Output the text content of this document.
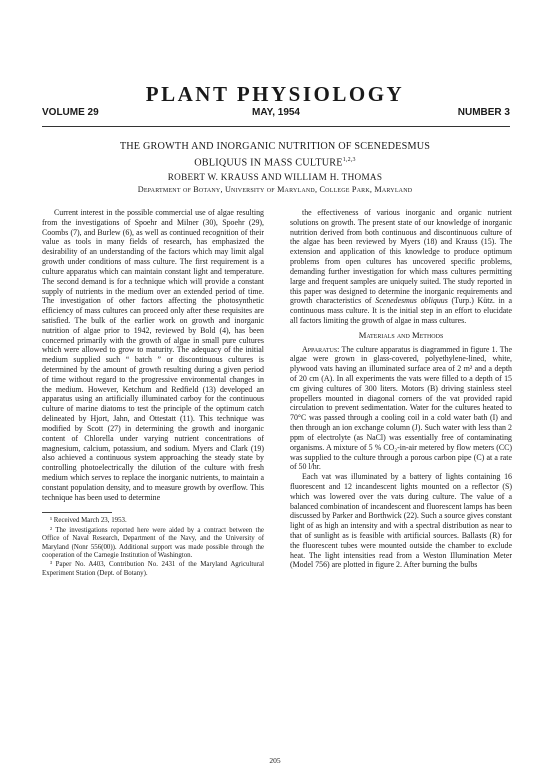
PLANT PHYSIOLOGY
VOLUME 29	MAY, 1954	NUMBER 3
THE GROWTH AND INORGANIC NUTRITION OF SCENEDESMUS
OBLIQUUS IN MASS CULTURE$^{1,2,3}$
ROBERT W. KRAUSS AND WILLIAM H. THOMAS
Department of Botany, University of Maryland, College Park, Maryland

Current interest in the possible commercial use of algae resulting from the investigations of Spoehr and Milner (30), Spoehr (29), Coombs (7), and Burlew (6), as well as continued recognition of their value as tools in many fields of research, has emphasized the desirability of an understanding of the factors which may limit algal growth under conditions of mass culture. The first requirement is a culture apparatus which can maintain constant light and temperature. The second demand is for a technique which will provide a constant supply of nutrients in the medium over an extended period of time. The investigation of other factors affecting the photosynthetic efficiency of mass cultures can proceed only after these requisites are satisfied. The bulk of the earlier work on growth and inorganic nutrition of algae prior to 1942, reviewed by Bold (4), has been concerned primarily with the growth of algae in small pure cultures which were allowed to grow to maturity. The adequacy of the initial medium supplied such “ batch ” or discontinuous cultures is determined by the amount of growth resulting during a given period of time without regard to the progressive environmental changes in the medium. However, Ketchum and Redfield (13) developed an apparatus using an artificially illuminated carboy for the continuous culture of marine diatoms to test the principle of the optimum catch delineated by Hjort, Jahn, and Ottestatt (11). This technique was modified by Scott (27) in determining the growth and inorganic content of Chlorella under varying nutrient concentrations of magnesium, calcium, potassium, and sodium. Myers and Clark (19) also achieved a continuous system approaching the steady state by controlling photoelectrically the dilution of the culture with fresh medium which serves to replace the inorganic nutrients, to maintain a constant population density, and to measure growth by overflow. This technique has been used to determine

¹ Received March 23, 1953.

² The investigations reported here were aided by a contract between the Office of Naval Research, Department of the Navy, and the University of Maryland (Nonr 556(00)). Additional support was made possible through the cooperation of the Carnegie Institution of Washington.

³ Paper No. A403, Contribution No. 2431 of the Maryland Agricultural Experiment Station (Dept. of Botany).

the effectiveness of various inorganic and organic nutrient solutions on growth. The present state of our knowledge of inorganic nutrition derived from both continuous and discontinuous culture of the algae has been reviewed by Myers (18) and Krauss (15). The extension and application of this knowledge to produce optimum problems from open cultures has uncovered specific problems, demanding further investigation for which mass cultures permitting large and frequent samples are uniquely suited. The study reported in this paper was designed to determine the inorganic requirements and growth characteristics of Scenedesmus obliquus (Turp.) Kütz. in a continuous mass culture. It is the initial step in an effort to elucidate all factors limiting the growth of algae in mass cultures.

Materials and Methods

Apparatus: The culture apparatus is diagrammed in figure 1. The algae were grown in glass-covered, polyethylene-lined, white, plywood vats having an illuminated surface area of 2 m² and a depth of 20 cm (A). In all experiments the vats were filled to a depth of 15 cm giving cultures of 300 liters. Motors (B) driving stainless steel propellers mounted in diagonal corners of the vat provided rapid circulation to prevent sedimentation. Water for the cultures heated to 70°C was passed through a cooling coil in a cold water bath (I) and then through an ion exchange column (J). Such water with less than 2 ppm of electrolyte (as NaCl) was essentially free of contaminating organisms. A mixture of 5 % CO₂-in-air metered by flow meters (CC) was supplied to the culture through a porous carbon pipe (C) at a rate of 50 l/hr.

Each vat was illuminated by a battery of lights containing 16 fluorescent and 12 incandescent lights mounted on a reflector (S) which was lowered over the vats during culture. The value of a balanced combination of incandescent and fluorescent lamps has been discussed by Parker and Borthwick (22). Such a source gives constant light of as high an intensity and with a spectral distribution as near to that of sunlight as is feasible with artificial sources. Ballasts (R) for the fluorescent tubes were mounted outside the chamber to exclude heat. The light intensities read from a Weston Illumination Meter (Model 756) are plotted in figure 2. After burning the bulbs

205
